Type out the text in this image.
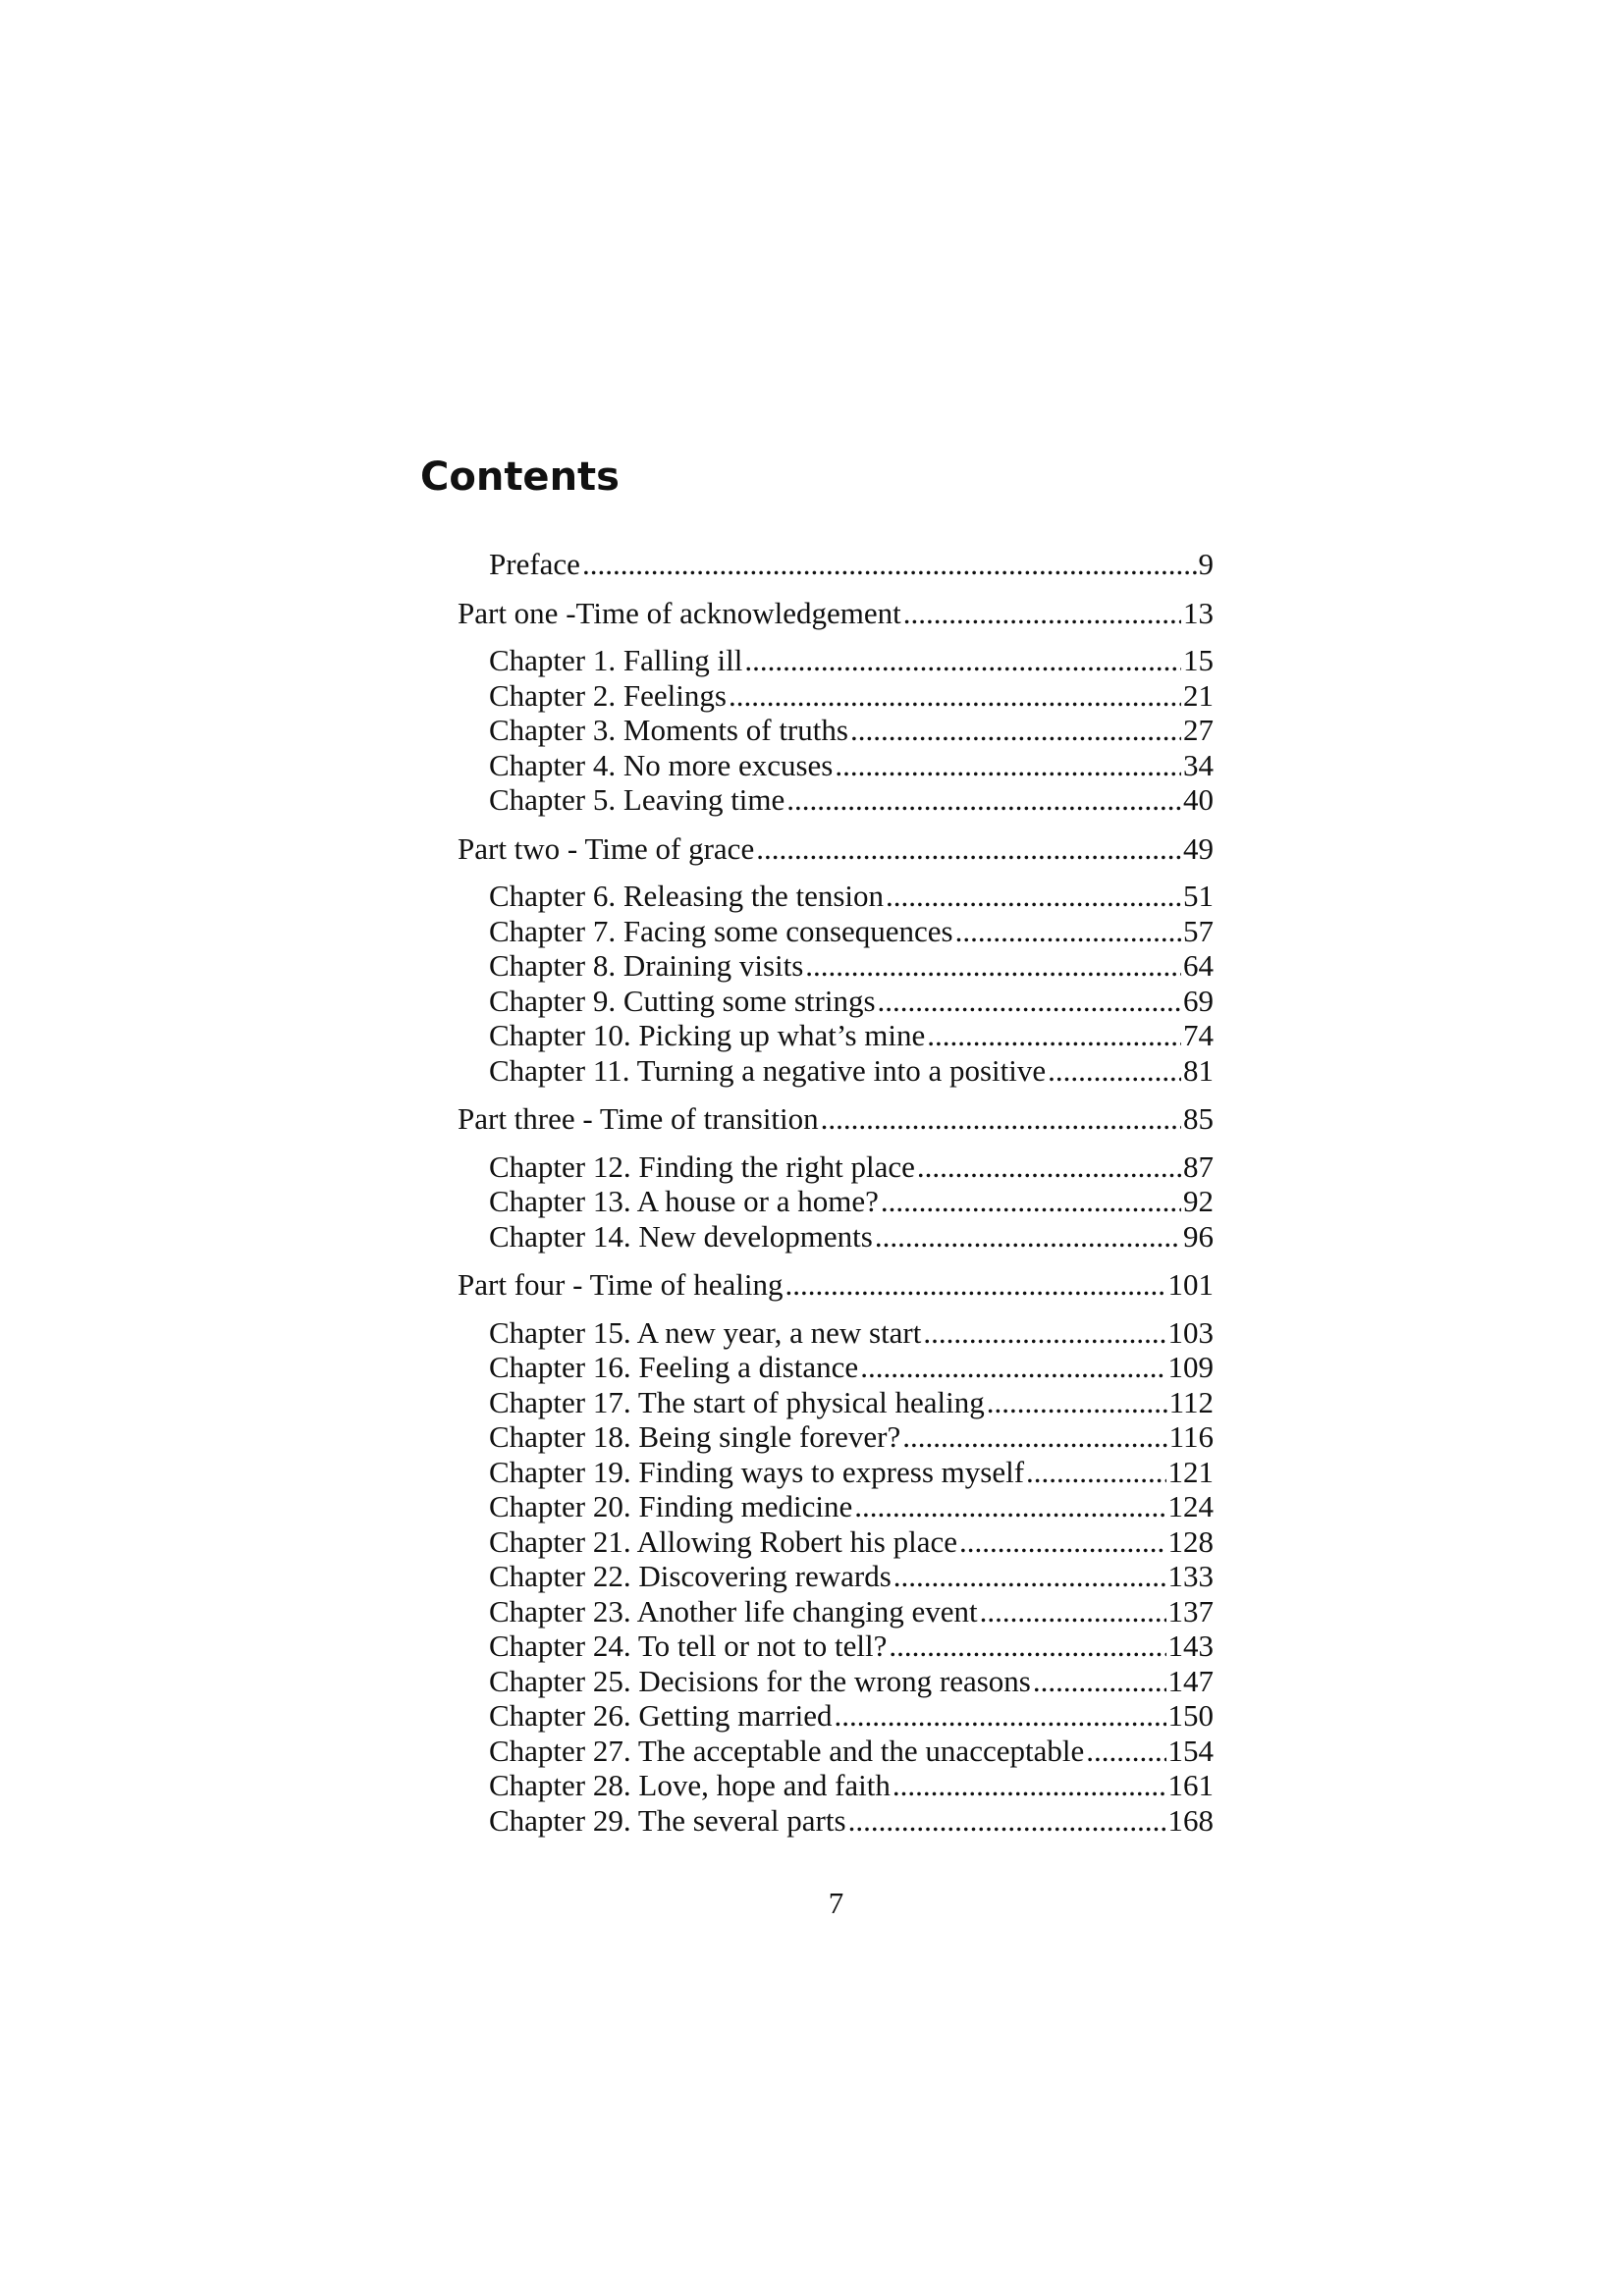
Contents
Preface .....	9
Part one -Time of acknowledgement .....	13
Chapter 1. Falling ill .....	15
Chapter 2. Feelings .....	21
Chapter 3. Moments of truths .....	27
Chapter 4. No more excuses .....	34
Chapter 5. Leaving time .....	40
Part two - Time of grace .....	49
Chapter 6. Releasing the tension .....	51
Chapter 7. Facing some consequences .....	57
Chapter 8. Draining visits .....	64
Chapter 9. Cutting some strings .....	69
Chapter 10. Picking up what’s mine .....	74
Chapter 11. Turning a negative into a positive .....	81
Part three - Time of transition .....	85
Chapter 12. Finding the right place .....	87
Chapter 13. A house or a home? .....	92
Chapter 14. New developments .....	96
Part four - Time of healing .....	101
Chapter 15. A new year, a new start .....	103
Chapter 16. Feeling a distance .....	109
Chapter 17. The start of physical healing .....	112
Chapter 18. Being single forever? .....	116
Chapter 19. Finding ways to express myself .....	121
Chapter 20. Finding medicine .....	124
Chapter 21. Allowing Robert his place .....	128
Chapter 22. Discovering rewards .....	133
Chapter 23. Another life changing event .....	137
Chapter 24. To tell or not to tell? .....	143
Chapter 25. Decisions for the wrong reasons .....	147
Chapter 26. Getting married .....	150
Chapter 27. The acceptable and the unacceptable .....	154
Chapter 28. Love, hope and faith .....	161
Chapter 29. The several parts .....	168
7
